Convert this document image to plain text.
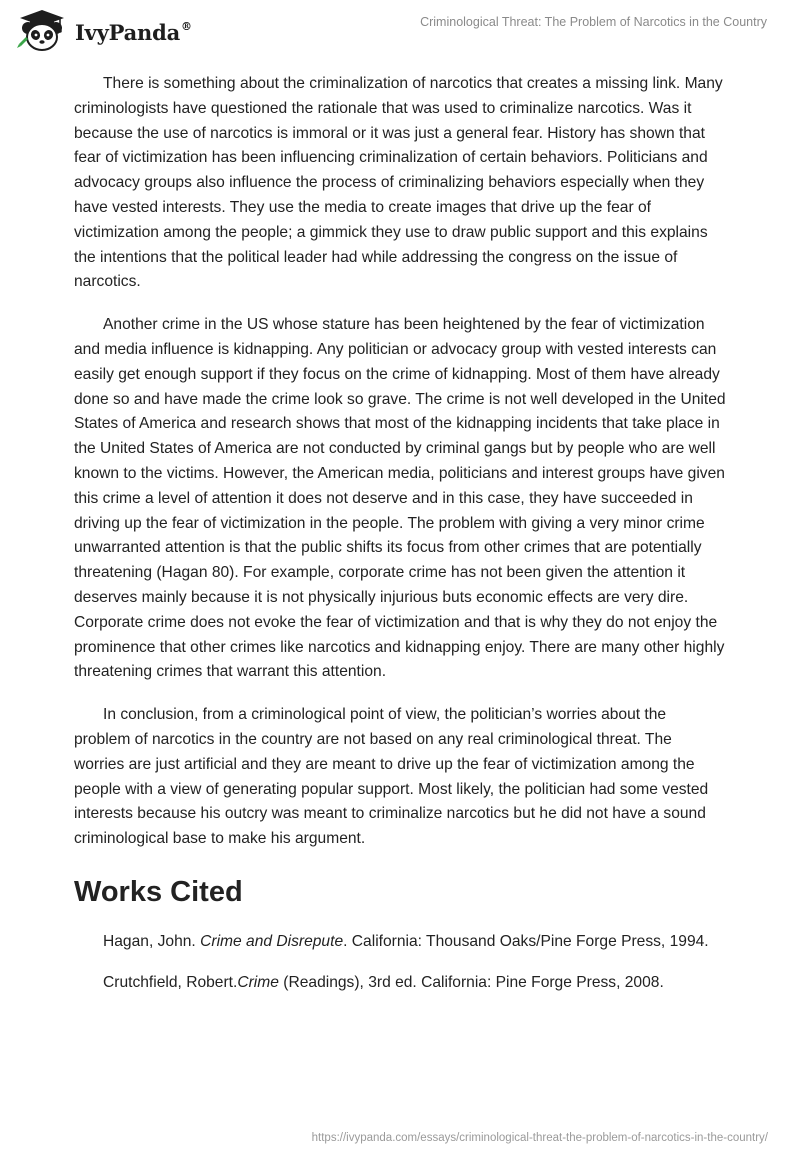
IvyPanda®	Criminological Threat: The Problem of Narcotics in the Country

There is something about the criminalization of narcotics that creates a missing link. Many criminologists have questioned the rationale that was used to criminalize narcotics. Was it because the use of narcotics is immoral or it was just a general fear. History has shown that fear of victimization has been influencing criminalization of certain behaviors. Politicians and advocacy groups also influence the process of criminalizing behaviors especially when they have vested interests. They use the media to create images that drive up the fear of victimization among the people; a gimmick they use to draw public support and this explains the intentions that the political leader had while addressing the congress on the issue of narcotics.

Another crime in the US whose stature has been heightened by the fear of victimization and media influence is kidnapping. Any politician or advocacy group with vested interests can easily get enough support if they focus on the crime of kidnapping. Most of them have already done so and have made the crime look so grave. The crime is not well developed in the United States of America and research shows that most of the kidnapping incidents that take place in the United States of America are not conducted by criminal gangs but by people who are well known to the victims. However, the American media, politicians and interest groups have given this crime a level of attention it does not deserve and in this case, they have succeeded in driving up the fear of victimization in the people. The problem with giving a very minor crime unwarranted attention is that the public shifts its focus from other crimes that are potentially threatening (Hagan 80). For example, corporate crime has not been given the attention it deserves mainly because it is not physically injurious buts economic effects are very dire. Corporate crime does not evoke the fear of victimization and that is why they do not enjoy the prominence that other crimes like narcotics and kidnapping enjoy. There are many other highly threatening crimes that warrant this attention.

In conclusion, from a criminological point of view, the politician’s worries about the problem of narcotics in the country are not based on any real criminological threat. The worries are just artificial and they are meant to drive up the fear of victimization among the people with a view of generating popular support. Most likely, the politician had some vested interests because his outcry was meant to criminalize narcotics but he did not have a sound criminological base to make his argument.

Works Cited

Hagan, John. Crime and Disrepute. California: Thousand Oaks/Pine Forge Press, 1994.

Crutchfield, Robert.Crime (Readings), 3rd ed. California: Pine Forge Press, 2008.

https://ivypanda.com/essays/criminological-threat-the-problem-of-narcotics-in-the-country/
